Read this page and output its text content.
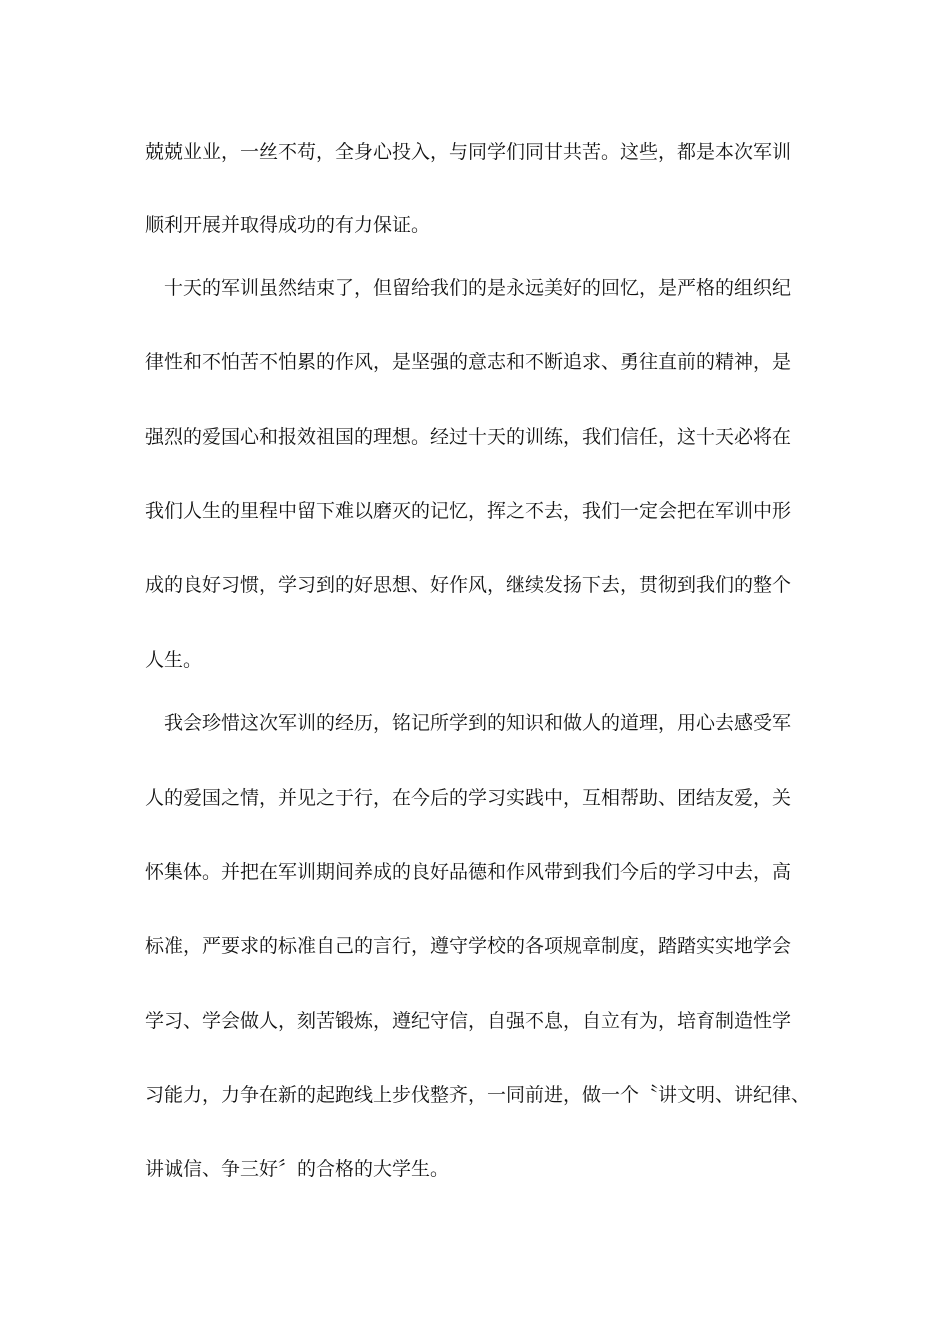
兢兢业业，一丝不苟，全身心投入，与同学们同甘共苦。这些，都是本次军训
顺利开展并取得成功的有力保证。
十天的军训虽然结束了，但留给我们的是永远美好的回忆，是严格的组织纪
律性和不怕苦不怕累的作风，是坚强的意志和不断追求、勇往直前的精神，是
强烈的爱国心和报效祖国的理想。经过十天的训练，我们信任，这十天必将在
我们人生的里程中留下难以磨灭的记忆，挥之不去，我们一定会把在军训中形
成的良好习惯，学习到的好思想、好作风，继续发扬下去，贯彻到我们的整个
人生。
我会珍惜这次军训的经历，铭记所学到的知识和做人的道理，用心去感受军
人的爱国之情，并见之于行，在今后的学习实践中，互相帮助、团结友爱，关
怀集体。并把在军训期间养成的良好品德和作风带到我们今后的学习中去，高
标准，严要求的标准自己的言行，遵守学校的各项规章制度，踏踏实实地学会
学习、学会做人，刻苦锻炼，遵纪守信，自强不息，自立有为，培育制造性学
习能力，力争在新的起跑线上步伐整齐，一同前进，做一个〝讲文明、讲纪律、
讲诚信、争三好〞的合格的大学生。
